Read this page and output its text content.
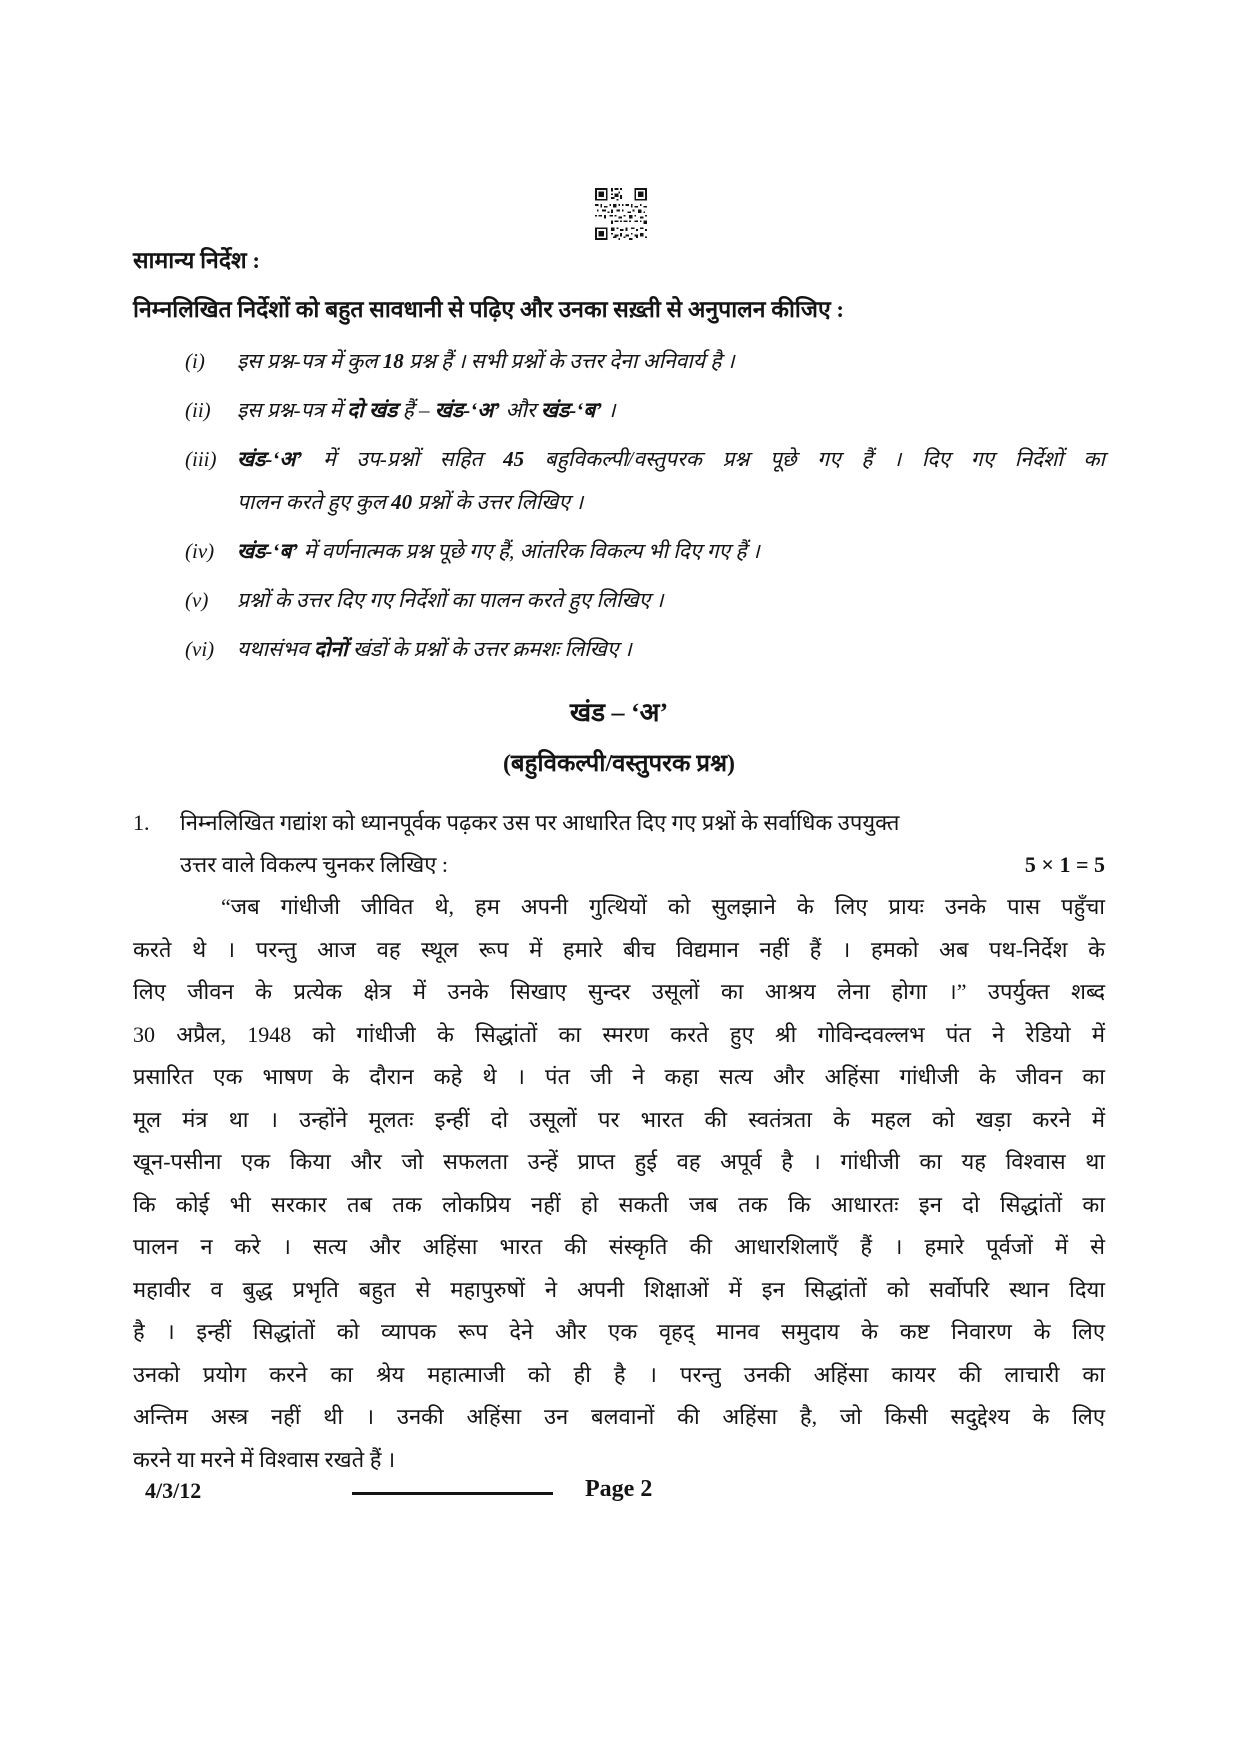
सामान्य निर्देश :
निम्नलिखित निर्देशों को बहुत सावधानी से पढ़िए और उनका सख़्ती से अनुपालन कीजिए :
(i)	इस प्रश्न-पत्र में कुल 18 प्रश्न हैं । सभी प्रश्नों के उत्तर देना अनिवार्य है ।
(ii)	इस प्रश्न-पत्र में दो खंड हैं – खंड-‘अ’ और खंड-‘ब’ ।
(iii) खंड-‘अ’ में उप-प्रश्नों सहित 45 बहुविकल्पी/वस्तुपरक प्रश्न पूछे गए हैं । दिए गए निर्देशों का
पालन करते हुए कुल 40 प्रश्नों के उत्तर लिखिए ।
(iv)	खंड-‘ब’ में वर्णनात्मक प्रश्न पूछे गए हैं, आंतरिक विकल्प भी दिए गए हैं ।
(v)	प्रश्नों के उत्तर दिए गए निर्देशों का पालन करते हुए लिखिए ।
(vi)	यथासंभव दोनों खंडों के प्रश्नों के उत्तर क्रमशः लिखिए ।
खंड – ‘अ’
(बहुविकल्पी/वस्तुपरक प्रश्न)
1.	निम्नलिखित गद्यांश को ध्यानपूर्वक पढ़कर उस पर आधारित दिए गए प्रश्नों के सर्वाधिक उपयुक्त
उत्तर वाले विकल्प चुनकर लिखिए :	5 × 1 = 5
“जब गांधीजी जीवित थे, हम अपनी गुत्थियों को सुलझाने के लिए प्रायः उनके पास पहुँचा
करते थे । परन्तु आज वह स्थूल रूप में हमारे बीच विद्यमान नहीं हैं । हमको अब पथ-निर्देश के
लिए जीवन के प्रत्येक क्षेत्र में उनके सिखाए सुन्दर उसूलों का आश्रय लेना होगा ।” उपर्युक्त शब्द
30 अप्रैल, 1948 को गांधीजी के सिद्धांतों का स्मरण करते हुए श्री गोविन्दवल्लभ पंत ने रेडियो में
प्रसारित एक भाषण के दौरान कहे थे । पंत जी ने कहा सत्य और अहिंसा गांधीजी के जीवन का
मूल मंत्र था । उन्होंने मूलतः इन्हीं दो उसूलों पर भारत की स्वतंत्रता के महल को खड़ा करने में
खून-पसीना एक किया और जो सफलता उन्हें प्राप्त हुई वह अपूर्व है । गांधीजी का यह विश्वास था
कि कोई भी सरकार तब तक लोकप्रिय नहीं हो सकती जब तक कि आधारतः इन दो सिद्धांतों का
पालन न करे । सत्य और अहिंसा भारत की संस्कृति की आधारशिलाएँ हैं । हमारे पूर्वजों में से
महावीर व बुद्ध प्रभृति बहुत से महापुरुषों ने अपनी शिक्षाओं में इन सिद्धांतों को सर्वोपरि स्थान दिया
है । इन्हीं सिद्धांतों को व्यापक रूप देने और एक वृहद् मानव समुदाय के कष्ट निवारण के लिए
उनको प्रयोग करने का श्रेय महात्माजी को ही है । परन्तु उनकी अहिंसा कायर की लाचारी का
अन्तिम अस्त्र नहीं थी । उनकी अहिंसा उन बलवानों की अहिंसा है, जो किसी सदुद्देश्य के लिए
करने या मरने में विश्वास रखते हैं ।
4/3/12	Page 2
